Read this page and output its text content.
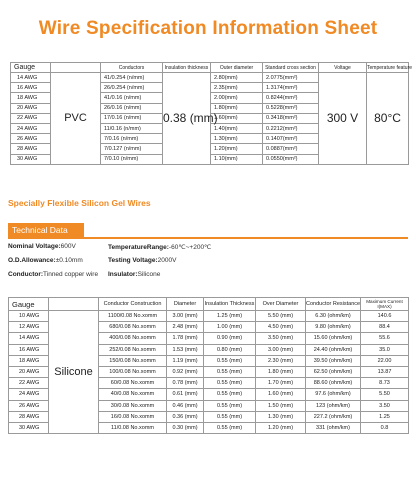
Wire Specification Information Sheet
Gauge		Conductors	Insulation thickness	Outer diameter	Standard cross section	Voltage	Temperature feature
14 AWG	PVC	41/0.254 (n/mm)	0.38 (mm)	2.80(mm)	2.0775(mm²)	300 V	80°C
16 AWG		26/0.254 (n/mm)		2.35(mm)	1.3174(mm²)		
18 AWG		41/0.16 (n/mm)		2.00(mm)	0.8244(mm²)		
20 AWG		26/0.16 (n/mm)		1.80(mm)	0.5228(mm²)		
22 AWG		17/0.16 (n/mm)		1.60(mm)	0.3418(mm²)		
24 AWG		11/0.16 (n/mm)		1.40(mm)	0.2212(mm²)		
26 AWG		7/0.16 (n/mm)		1.30(mm)	0.1407(mm²)		
28 AWG		7/0.127 (n/mm)		1.20(mm)	0.0887(mm²)		
30 AWG		7/0.10 (n/mm)		1.10(mm)	0.0550(mm²)		
Specially Flexible Silicon Gel Wires
Technical Data
Nominal Voltage:600V	TemperatureRange:-60℃~+200℃
O.D.Allowance:±0.10mm	Testing Voltage:2000V
Conductor:Tinned copper wire Insulator:Silicone
Gauge		Conductor Construction	Diameter	Insulation Thickness	Over Diameter	Conductor Resistance	Maximum Current I(MAX)
10 AWG	Silicone	1100/0.08 No.xomm	3.00 (mm)	1.25 (mm)	5.50 (mm)	6.30 (ohm/km)	140.6
12 AWG		680/0.08 No.xomm	2.48 (mm)	1.00 (mm)	4.50 (mm)	9.80 (ohm/km)	88.4
14 AWG		400/0.08 No.xomm	1.78 (mm)	0.90 (mm)	3.50 (mm)	15.60 (ohm/km)	55.6
16 AWG		252/0.08 No.xomm	1.53 (mm)	0.80 (mm)	3.00 (mm)	24.40 (ohm/km)	35.0
18 AWG		150/0.08 No.xomm	1.19 (mm)	0.55 (mm)	2.30 (mm)	39.50 (ohm/km)	22.00
20 AWG		100/0.08 No.xomm	0.92 (mm)	0.55 (mm)	1.80 (mm)	62.50 (ohm/km)	13.87
22 AWG		60/0.08 No.xomm	0.78 (mm)	0.55 (mm)	1.70 (mm)	88.60 (ohm/km)	8.73
24 AWG		40/0.08 No.xomm	0.61 (mm)	0.55 (mm)	1.60 (mm)	97.6 (ohm/km)	5.50
26 AWG		30/0.08 No.xomm	0.46 (mm)	0.55 (mm)	1.50 (mm)	123 (ohm/km)	3.50
28 AWG		16/0.08 No.xomm	0.36 (mm)	0.55 (mm)	1.30 (mm)	227.2 (ohm/km)	1.25
30 AWG		11/0.08 No.xomm	0.30 (mm)	0.55 (mm)	1.20 (mm)	331 (ohm/km)	0.8
